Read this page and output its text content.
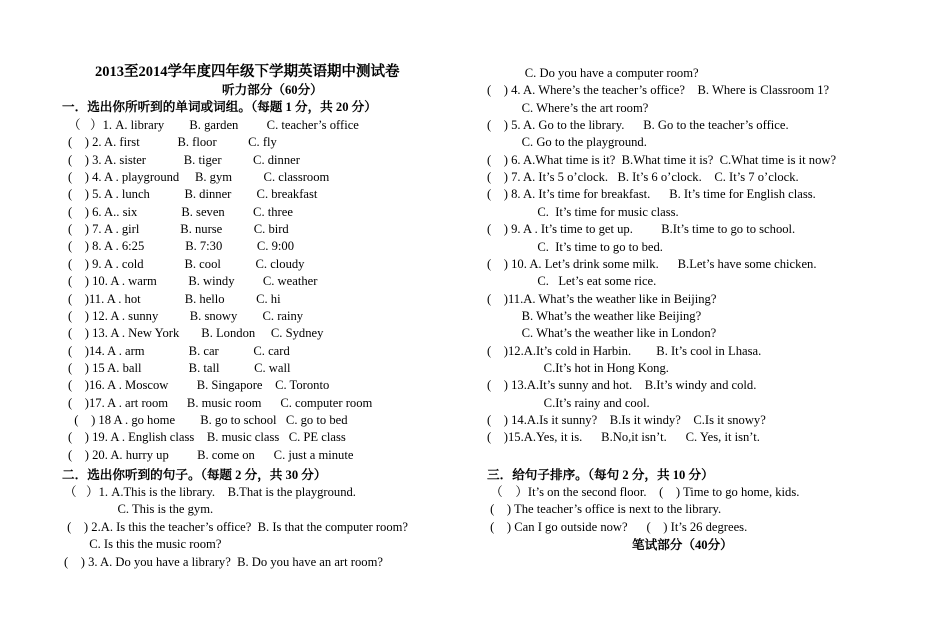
2013至2014学年度四年级下学期英语期中测试卷
听力部分（60分）
一．选出你所听到的单词或词组。（每题 1 分，共 20 分）
（   ）1. A. library        B. garden         C. teacher’s office
(    ) 2. A. first            B. floor          C. fly
(    ) 3. A. sister            B. tiger          C. dinner
(    ) 4. A . playground     B. gym          C. classroom
(    ) 5. A . lunch           B. dinner        C. breakfast
(    ) 6. A.. six              B. seven         C. three
(    ) 7. A . girl             B. nurse          C. bird
(    ) 8. A . 6:25             B. 7:30           C. 9:00
(    ) 9. A . cold             B. cool           C. cloudy
(    ) 10. A . warm          B. windy         C. weather
(    )11. A . hot              B. hello          C. hi
(    ) 12. A . sunny          B. snowy        C. rainy
(    ) 13. A . New York       B. London     C. Sydney
(    )14. A . arm              B. car           C. card
(    ) 15 A. ball               B. tall           C. wall
(    )16. A . Moscow         B. Singapore    C. Toronto
(    )17. A . art room      B. music room      C. computer room
(    ) 18 A . go home        B. go to school   C. go to bed
(    ) 19. A . English class    B. music class   C. PE class
(    ) 20. A. hurry up         B. come on      C. just a minute
二．选出你听到的句子。（每题 2 分，共 30 分）
（   ）1. A.This is the library.    B.That is the playground.
C. This is the gym.
(    ) 2.A. Is this the teacher’s office?  B. Is that the computer room?
C. Is this the music room?
(    ) 3. A. Do you have a library?  B. Do you have an art room?
C. Do you have a computer room?
(    ) 4. A. Where’s the teacher’s office?    B. Where is Classroom 1?
C. Where’s the art room?
(    ) 5. A. Go to the library.      B. Go to the teacher’s office.
C. Go to the playground.
(    ) 6. A.What time is it?  B.What time it is?  C.What time is it now?
(    ) 7. A. It’s 5 o’clock.   B. It’s 6 o’clock.    C. It’s 7 o’clock.
(    ) 8. A. It’s time for breakfast.      B. It’s time for English class.
C.  It’s time for music class.
(    ) 9. A . It’s time to get up.         B.It’s time to go to school.
C.  It’s time to go to bed.
(    ) 10. A. Let’s drink some milk.      B.Let’s have some chicken.
C.   Let’s eat some rice.
(    )11.A. What’s the weather like in Beijing?
B. What’s the weather like Beijing?
C. What’s the weather like in London?
(    )12.A.It’s cold in Harbin.        B. It’s cool in Lhasa.
C.It’s hot in Hong Kong.
(    ) 13.A.It’s sunny and hot.    B.It’s windy and cold.
C.It’s rainy and cool.
(    ) 14.A.Is it sunny?    B.Is it windy?    C.Is it snowy?
(    )15.A.Yes, it is.      B.No,it isn’t.      C. Yes, it isn’t.
三．给句子排序。（每句 2 分，共 10 分）
（    ）It’s on the second floor.    (    ) Time to go home, kids.
(    ) The teacher’s office is next to the library.
(    ) Can I go outside now?      (    ) It’s 26 degrees.
笔试部分（40分）
